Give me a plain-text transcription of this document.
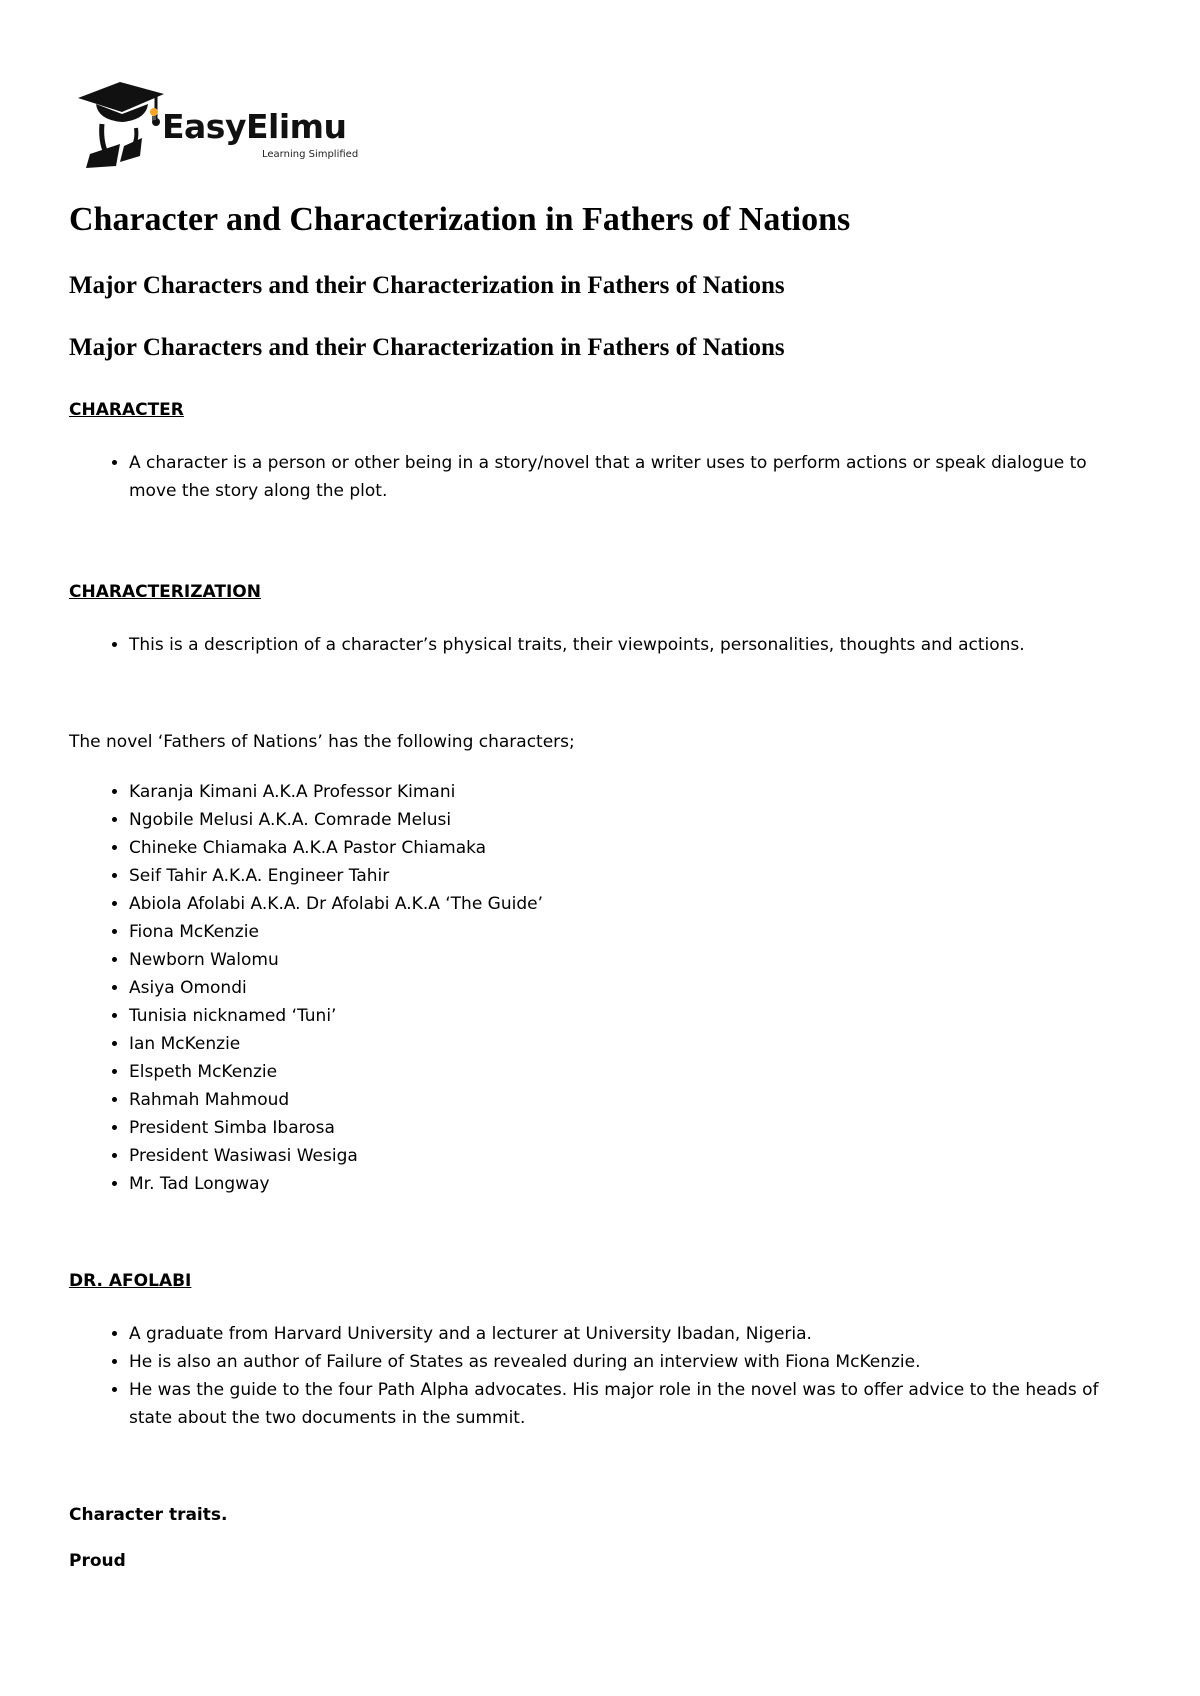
EasyElimu
Learning Simplified
Character and Characterization in Fathers of Nations
Major Characters and their Characterization in Fathers of Nations
Major Characters and their Characterization in Fathers of Nations
CHARACTER
• A character is a person or other being in a story/novel that a writer uses to perform actions or speak dialogue to move the story along the plot.
CHARACTERIZATION
• This is a description of a character’s physical traits, their viewpoints, personalities, thoughts and actions.

The novel ‘Fathers of Nations’ has the following characters;

• Karanja Kimani A.K.A Professor Kimani
• Ngobile Melusi A.K.A. Comrade Melusi
• Chineke Chiamaka A.K.A Pastor Chiamaka
• Seif Tahir A.K.A. Engineer Tahir
• Abiola Afolabi A.K.A. Dr Afolabi A.K.A ‘The Guide’
• Fiona McKenzie
• Newborn Walomu
• Asiya Omondi
• Tunisia nicknamed ‘Tuni’
• Ian McKenzie
• Elspeth McKenzie
• Rahmah Mahmoud
• President Simba Ibarosa
• President Wasiwasi Wesiga
• Mr. Tad Longway
DR. AFOLABI
• A graduate from Harvard University and a lecturer at University Ibadan, Nigeria.
• He is also an author of Failure of States as revealed during an interview with Fiona McKenzie.
• He was the guide to the four Path Alpha advocates. His major role in the novel was to offer advice to the heads of state about the two documents in the summit.
Character traits.
Proud
